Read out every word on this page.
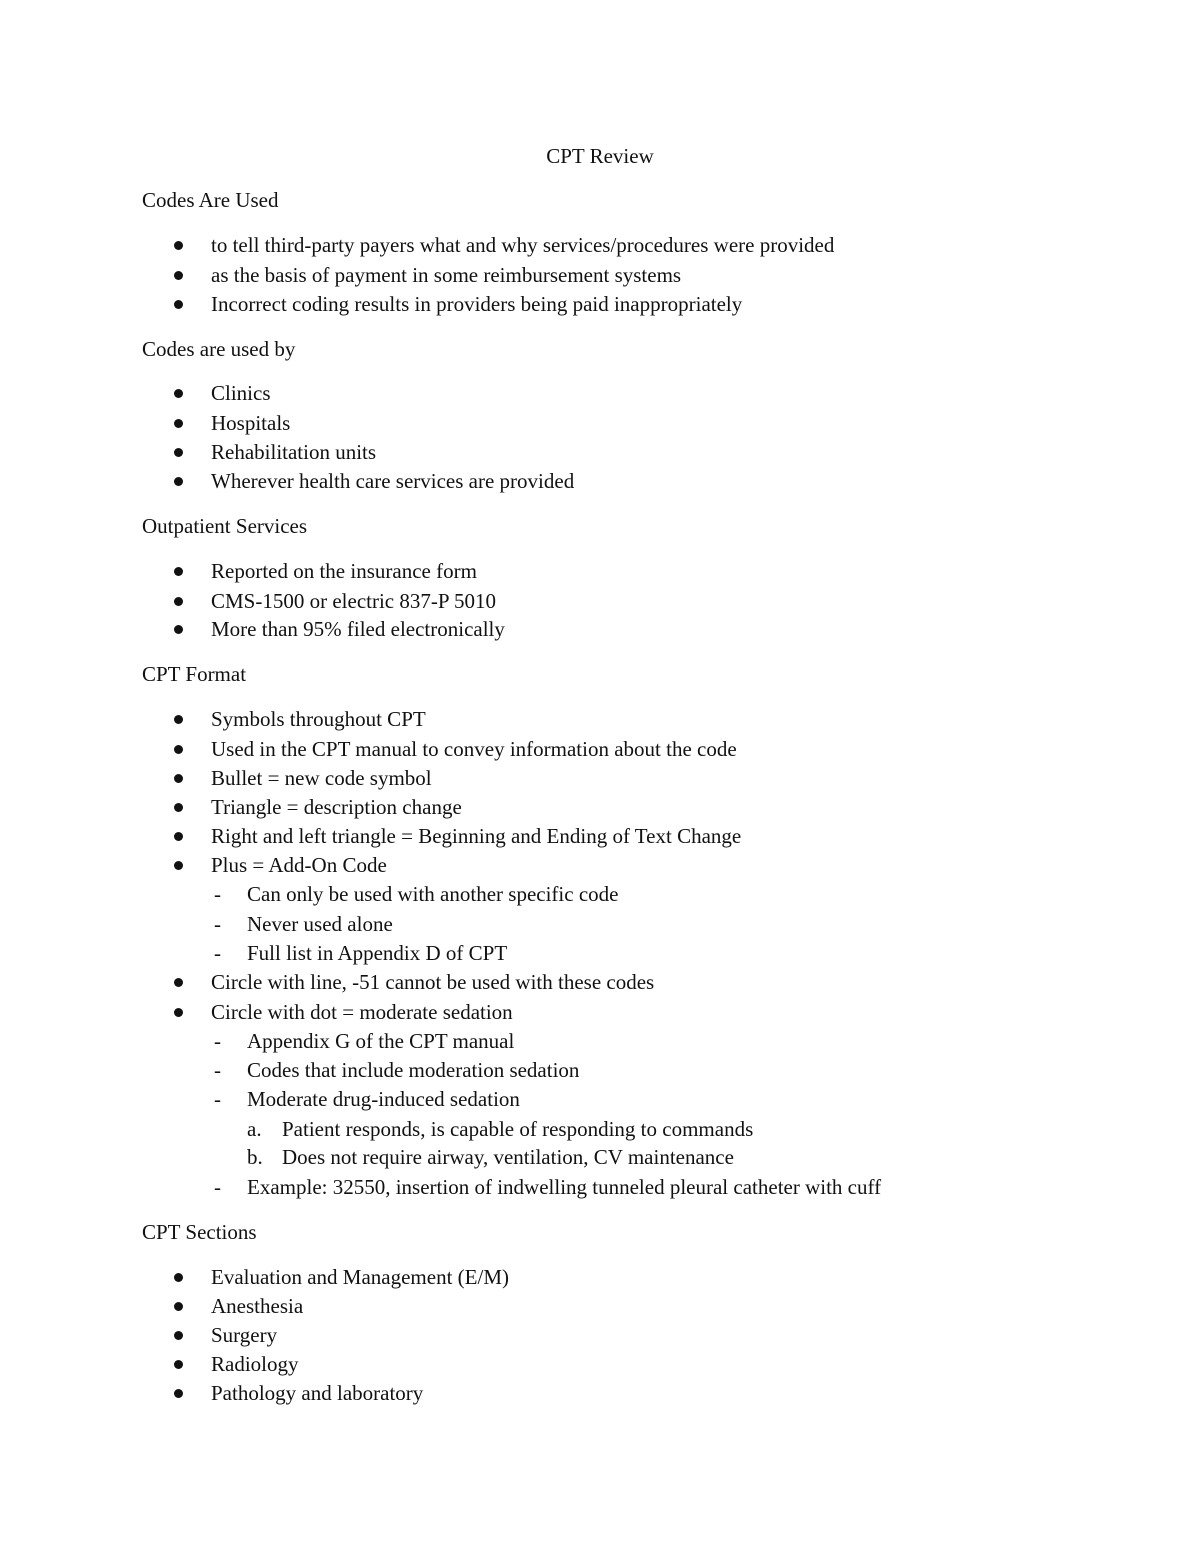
CPT Review
Codes Are Used
to tell third-party payers what and why services/procedures were provided
as the basis of payment in some reimbursement systems
Incorrect coding results in providers being paid inappropriately
Codes are used by
Clinics
Hospitals
Rehabilitation units
Wherever health care services are provided
Outpatient Services
Reported on the insurance form
CMS-1500 or electric 837-P 5010
More than 95% filed electronically
CPT Format
Symbols throughout CPT
Used in the CPT manual to convey information about the code
Bullet = new code symbol
Triangle = description change
Right and left triangle = Beginning and Ending of Text Change
Plus = Add-On Code
- Can only be used with another specific code
- Never used alone
- Full list in Appendix D of CPT
Circle with line, -51 cannot be used with these codes
Circle with dot = moderate sedation
- Appendix G of the CPT manual
- Codes that include moderation sedation
- Moderate drug-induced sedation
a. Patient responds, is capable of responding to commands
b. Does not require airway, ventilation, CV maintenance
- Example: 32550, insertion of indwelling tunneled pleural catheter with cuff
CPT Sections
Evaluation and Management (E/M)
Anesthesia
Surgery
Radiology
Pathology and laboratory
